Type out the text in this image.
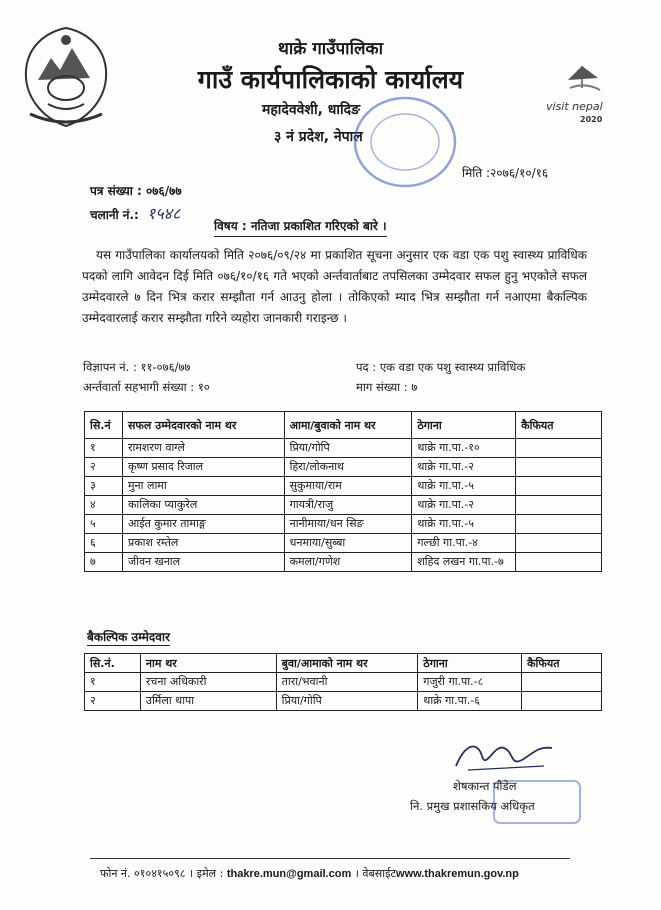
थाक्रे गाउँपालिका
गाउँ कार्यपालिकाको कार्यालय
महादेववेशी, धादिङ
३ नं प्रदेश, नेपाल
visit nepal
2020
मिति :२०७६/१०/१६
पत्र संख्या : ०७६/७७
चलानी नं.: १५४८
विषय : नतिजा प्रकाशित गरिएको बारे ।
यस गाउँपालिका कार्यालयको मिति २०७६/०९/२४ मा प्रकाशित सूचना अनुसार एक वडा एक पशु स्वास्थ्य प्राविधिक पदको लागि आवेदन दिई मिति ०७६/१०/१६ गते भएको अर्न्तवार्ताबाट तपसिलका उम्मेदवार सफल हुनु भएकोले सफल उम्मेदवारले ७ दिन भित्र करार सम्झौता गर्न आउनु होला । तोकिएको म्याद भित्र सम्झौता गर्न नआएमा बैकल्पिक उम्मेदवारलाई करार सम्झौता गरिने व्यहोरा जानकारी गराइन्छ ।
विज्ञापन नं. : ११-०७६/७७	पद : एक वडा एक पशु स्वास्थ्य प्राविधिक
अर्न्तवार्ता सहभागी संख्या : १०	माग संख्या : ७
सि.नं	सफल उम्मेदवारको नाम थर	आमा/बुवाको नाम थर	ठेगाना	कैफियत
१	रामशरण वाग्ले	प्रिया/गोपि	थाक्रे गा.पा.-१०	
२	कृष्ण प्रसाद रिजाल	हिरा/लोकनाथ	थाक्रे गा.पा.-२	
३	मुना लामा	सुकुमाया/राम	थाक्रे गा.पा.-५	
४	कालिका प्याकुरेल	गायत्री/राजु	थाक्रे गा.पा.-२	
५	आईत कुमार तामाङ्ग	नानीमाया/धन सिङ	थाक्रे गा.पा.-५	
६	प्रकाश रम्तेल	धनमाया/सुब्बा	गल्छी गा.पा.-४	
७	जीवन खनाल	कमला/गणेश	शहिद लखन गा.पा.-७	
बैकल्पिक उम्मेदवार
सि.नं.	नाम थर	बुवा/आमाको नाम थर	ठेगाना	कैफियत
१	रचना अधिकारी	तारा/भवानी	गजुरी गा.पा.-८	
२	उर्मिला थापा	प्रिया/गोपि	थाक्रे गा.पा.-६	
शेषकान्त पौडेल
नि. प्रमुख प्रशासकिय अधिकृत
फोन नं. ०१०४१५०९८ । इमेल : thakre.mun@gmail.com । वेबसाईटwww.thakremun.gov.np
